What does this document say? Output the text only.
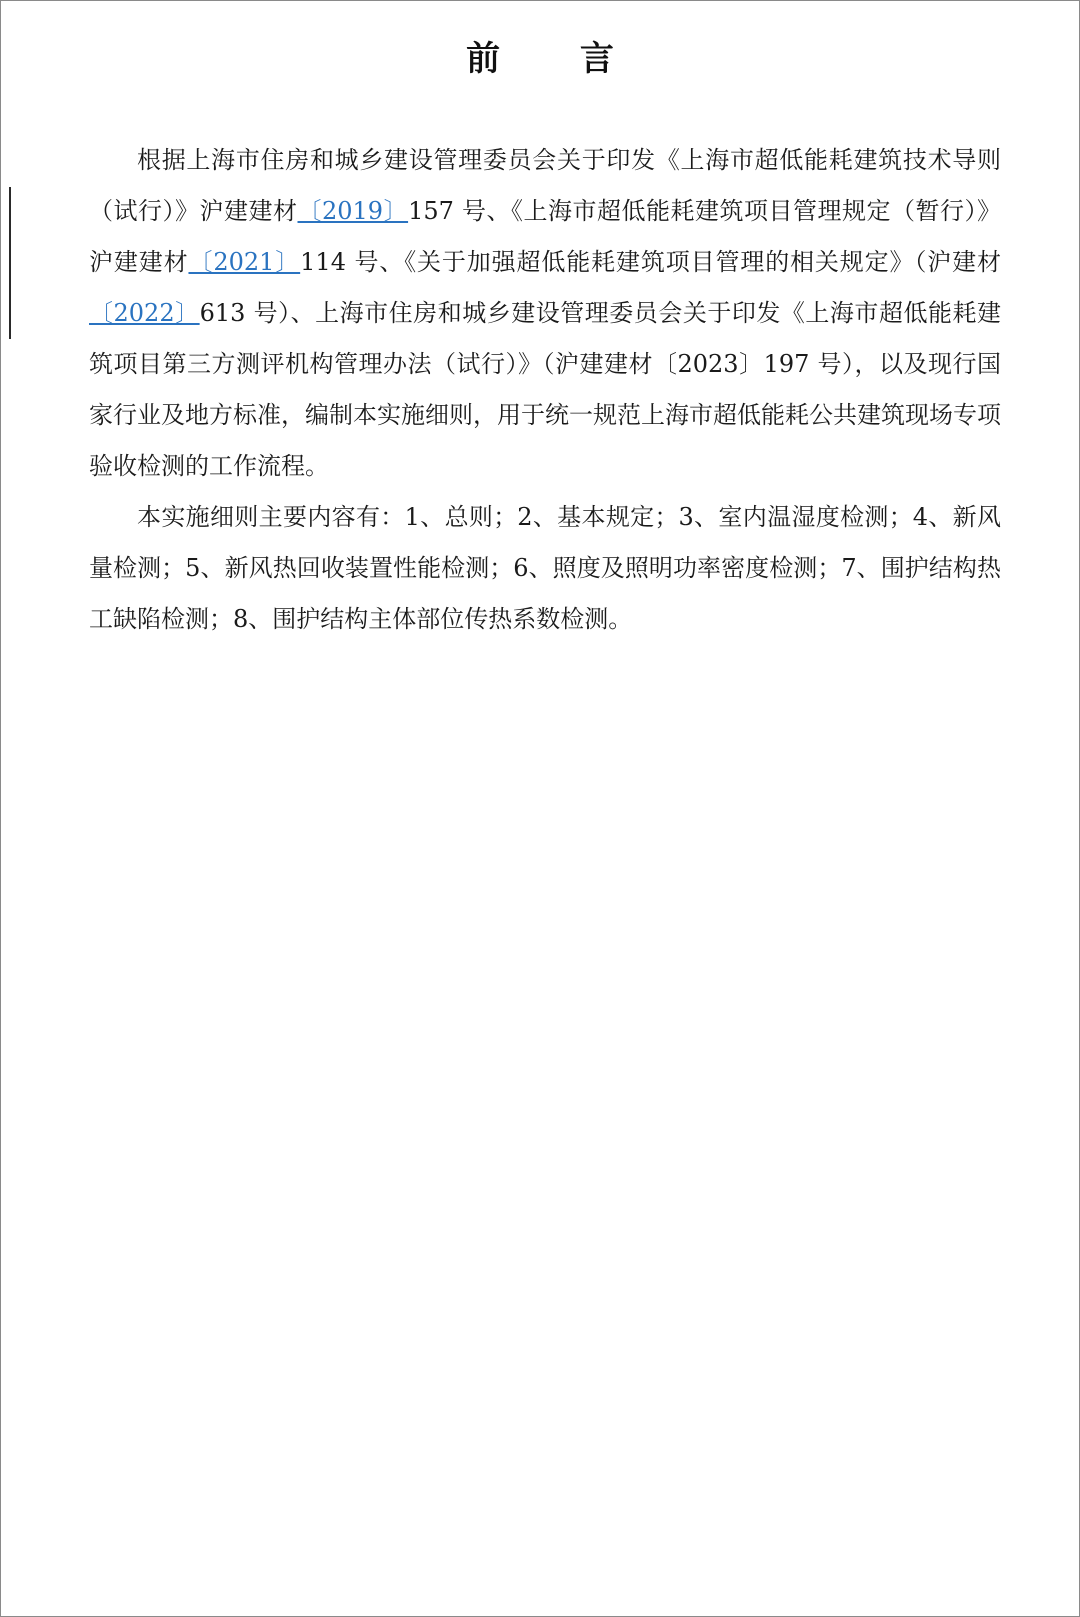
前 言

根据上海市住房和城乡建设管理委员会关于印发《上海市超低能耗建筑技术导则（试行）》沪建建材〔2019〕157 号、《上海市超低能耗建筑项目管理规定（暂行）》沪建建材〔2021〕114 号、《关于加强超低能耗建筑项目管理的相关规定》（沪建材〔2022〕613 号）、上海市住房和城乡建设管理委员会关于印发《上海市超低能耗建筑项目第三方测评机构管理办法（试行）》（沪建建材〔2023〕197 号），以及现行国家行业及地方标准，编制本实施细则，用于统一规范上海市超低能耗公共建筑现场专项验收检测的工作流程。

本实施细则主要内容有：1、总则；2、基本规定；3、室内温湿度检测；4、新风量检测；5、新风热回收装置性能检测；6、照度及照明功率密度检测；7、围护结构热工缺陷检测；8、围护结构主体部位传热系数检测。
